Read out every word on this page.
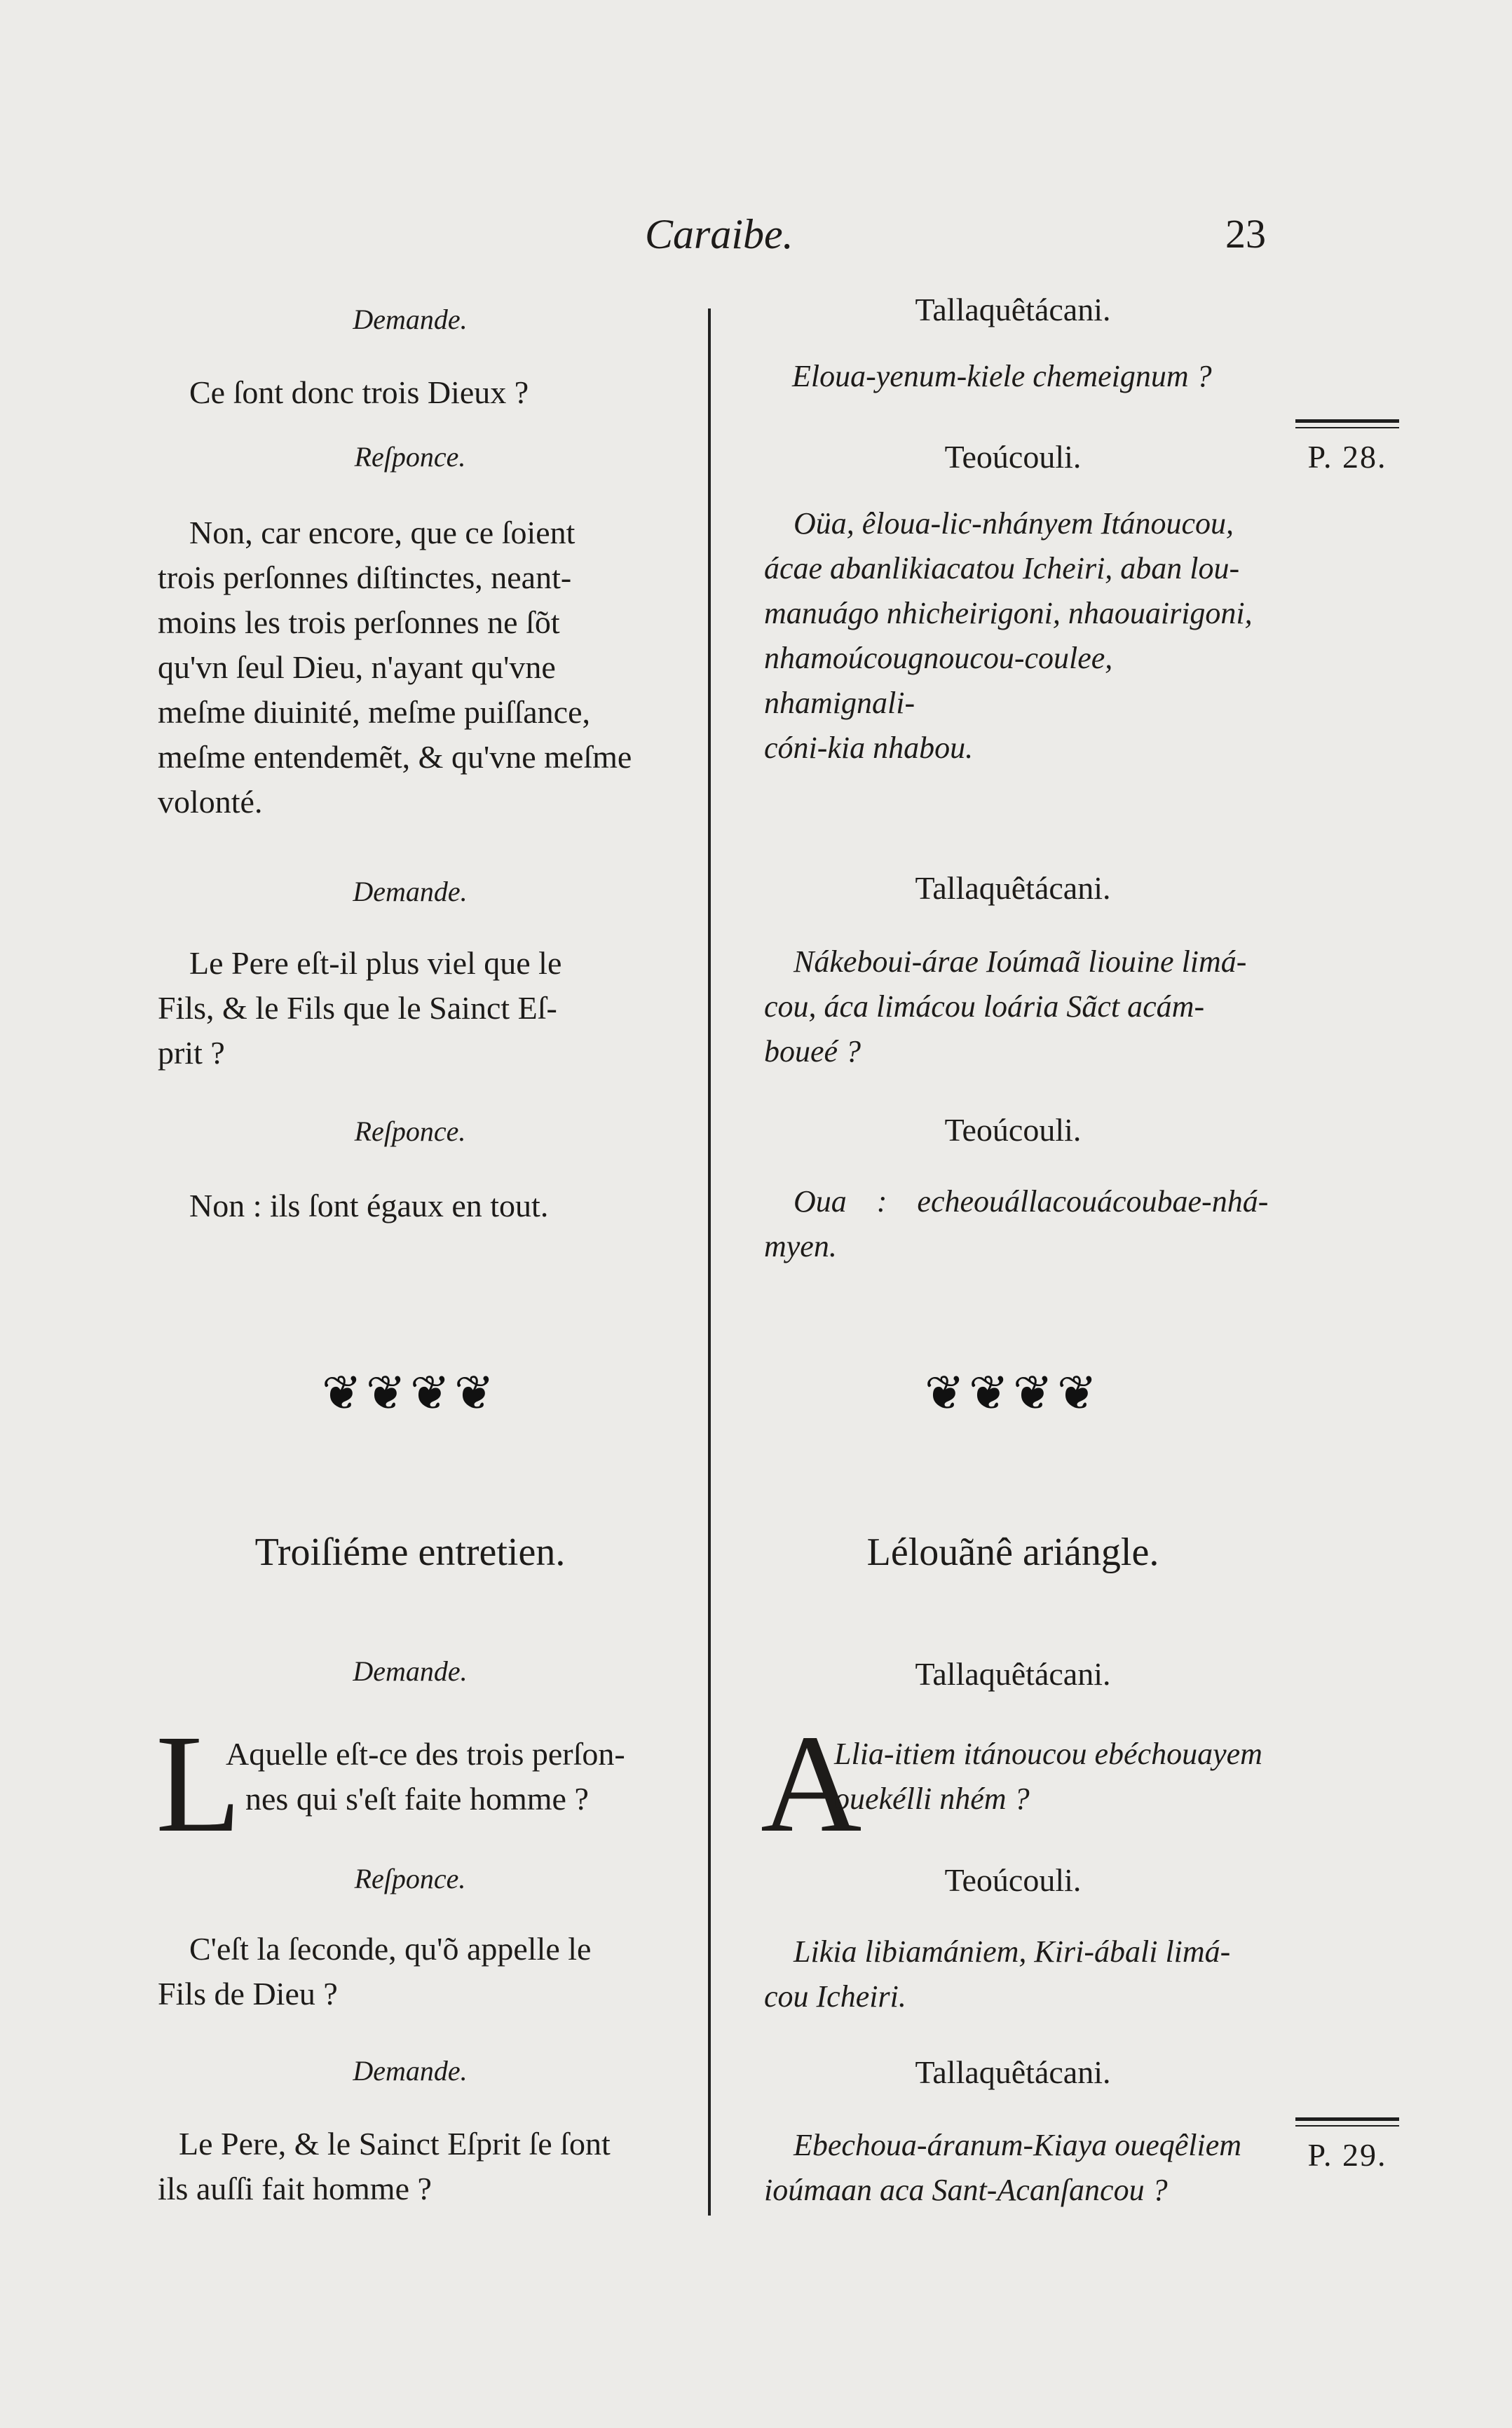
Caraibe.	23
Demande.
Ce ſont donc trois Dieux ?
Reſponce.
Non, car encore, que ce ſoient
trois perſonnes diſtinctes, neant-
moins les trois perſonnes ne ſõt
qu'vn ſeul Dieu, n'ayant qu'vne
meſme diuinité, meſme puiſſance,
meſme entendemẽt, & qu'vne meſme
volonté.
Demande.
Le Pere eſt-il plus viel que le
Fils, & le Fils que le Sainct Eſ-
prit ?
Reſponce.
Non : ils ſont égaux en tout.
❦❦❦❦
Troiſiéme entretien.
Demande.
L
Aquelle eſt-ce des trois perſon-
nes qui s'eſt faite homme ?
Reſponce.
C'eſt la ſeconde, qu'õ appelle le
Fils de Dieu ?
Demande.
Le Pere, & le Sainct Eſprit ſe ſont
ils auſſi fait homme ?
Tallaquêtácani.
Eloua-yenum-kiele chemeignum ?
Teoúcouli.
Oüa, êloua-lic-nhányem Itánoucou,
ácae abanlikiacatou Icheiri, aban lou-
manuágo nhicheirigoni, nhaouairigoni,
nhamoúcougnoucou-coulee, nhamignali-
cóni-kia nhabou.
Tallaquêtácani.
Nákeboui-árae Ioúmaã liouine limá-
cou, áca limácou loária Sãct acám-
boueé ?
Teoúcouli.
Oua : echeouállacouácoubae-nhá-
myen.
❦❦❦❦
Lélouãnê ariángle.
Tallaquêtácani.
A
Llia-itiem itánoucou ebéchouayem
ouekélli nhém ?
Teoúcouli.
Likia libiamániem, Kiri-ábali limá-
cou Icheiri.
Tallaquêtácani.
Ebechoua-áranum-Kiaya oueqêliem
ioúmaan aca Sant-Acanſancou ?
P. 28.
P. 29.
